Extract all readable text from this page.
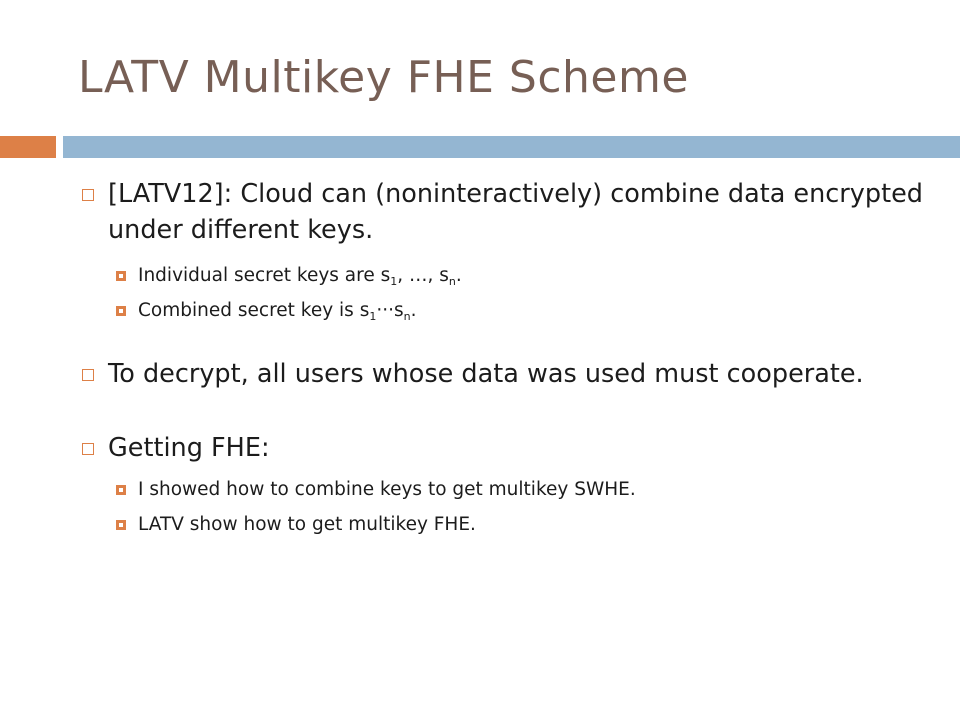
LATV Multikey FHE Scheme
[LATV12]: Cloud can (noninteractively) combine data encrypted under different keys.
Individual secret keys are $s_1$, …, $s_n$.
Combined secret key is $s_1\cdot\cdot\cdot s_n$.
To decrypt, all users whose data was used must cooperate.
Getting FHE:
I showed how to combine keys to get multikey SWHE.
LATV show how to get multikey FHE.
